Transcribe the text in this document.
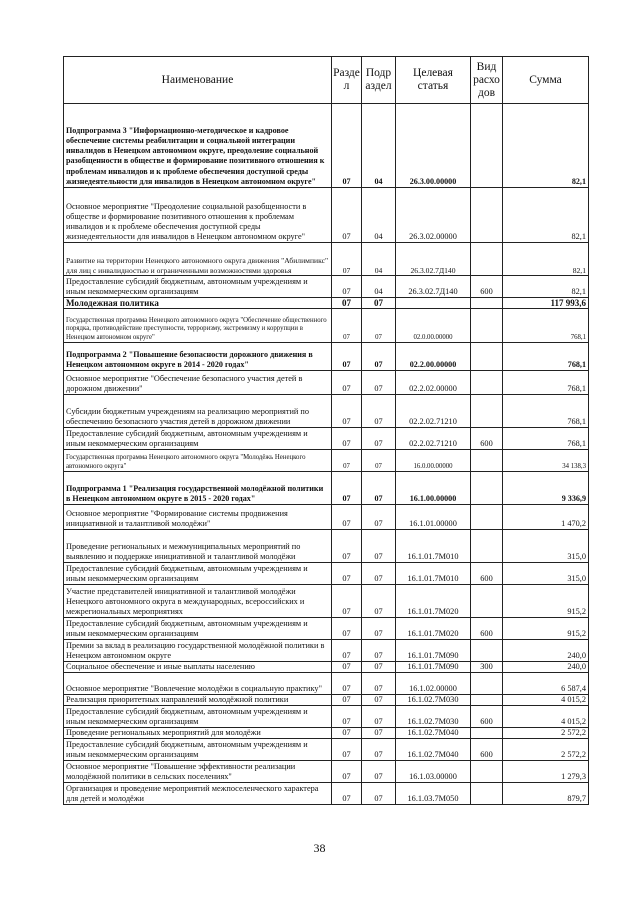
Наименование	Разде л	Подр аздел	Целевая статья	Вид расхо дов	Сумма
Подпрограмма 3 "Информационно-методическое и кадровое обеспечение системы реабилитации и социальной интеграции инвалидов в Ненецком автономном округе, преодоление социальной разобщенности в обществе и формирование позитивного отношения к проблемам инвалидов и к проблеме обеспечения доступной среды жизнедеятельности для инвалидов в Ненецком автономном округе"	07	04	26.3.00.00000		82,1
Основное мероприятие "Преодоление социальной разобщенности в обществе и формирование позитивного отношения к проблемам инвалидов и к проблеме обеспечения доступной среды жизнедеятельности для инвалидов в Ненецком автономном округе"	07	04	26.3.02.00000		82,1
Развитие на территории Ненецкого автономного округа движения "Абилимпикс" для лиц с инвалидностью и ограниченными возможностями здоровья	07	04	26.3.02.7Д140		82,1
Предоставление субсидий бюджетным, автономным учреждениям и иным некоммерческим организациям	07	04	26.3.02.7Д140	600	82,1
Молодежная политика	07	07			117 993,6
Государственная программа Ненецкого автономного округа "Обеспечение общественного порядка, противодействие преступности, терроризму, экстремизму и коррупции в Ненецком автономном округе"	07	07	02.0.00.00000		768,1
Подпрограмма 2 "Повышение безопасности дорожного движения в Ненецком автономном округе в 2014 - 2020 годах"	07	07	02.2.00.00000		768,1
Основное мероприятие "Обеспечение безопасного участия детей в дорожном движении"	07	07	02.2.02.00000		768,1
Субсидии бюджетным учреждениям на реализацию мероприятий по обеспечению безопасного участия детей в дорожном движении	07	07	02.2.02.71210		768,1
Предоставление субсидий бюджетным, автономным учреждениям и иным некоммерческим организациям	07	07	02.2.02.71210	600	768,1
Государственная программа Ненецкого автономного округа "Молодёжь Ненецкого автономного округа"	07	07	16.0.00.00000		34 138,3
Подпрограмма 1 "Реализация государственной молодёжной политики в Ненецком автономном округе в 2015 - 2020 годах"	07	07	16.1.00.00000		9 336,9
Основное мероприятие "Формирование системы продвижения инициативной и талантливой молодёжи"	07	07	16.1.01.00000		1 470,2
Проведение региональных и межмуниципальных мероприятий по выявлению и поддержке инициативной и талантливой молодёжи	07	07	16.1.01.7М010		315,0
Предоставление субсидий бюджетным, автономным учреждениям и иным некоммерческим организациям	07	07	16.1.01.7М010	600	315,0
Участие представителей инициативной и талантливой молодёжи Ненецкого автономного округа в международных, всероссийских и межрегиональных мероприятиях	07	07	16.1.01.7М020		915,2
Предоставление субсидий бюджетным, автономным учреждениям и иным некоммерческим организациям	07	07	16.1.01.7М020	600	915,2
Премии за вклад в реализацию государственной молодёжной политики в Ненецком автономном округе	07	07	16.1.01.7М090		240,0
Социальное обеспечение и иные выплаты населению	07	07	16.1.01.7М090	300	240,0
Основное мероприятие "Вовлечение молодёжи в социальную практику"	07	07	16.1.02.00000		6 587,4
Реализация приоритетных направлений молодёжной политики	07	07	16.1.02.7М030		4 015,2
Предоставление субсидий бюджетным, автономным учреждениям и иным некоммерческим организациям	07	07	16.1.02.7М030	600	4 015,2
Проведение региональных мероприятий для молодёжи	07	07	16.1.02.7М040		2 572,2
Предоставление субсидий бюджетным, автономным учреждениям и иным некоммерческим организациям	07	07	16.1.02.7М040	600	2 572,2
Основное мероприятие "Повышение эффективности реализации молодёжной политики в сельских поселениях"	07	07	16.1.03.00000		1 279,3
Организация и проведение мероприятий межпоселенческого характера для детей и молодёжи	07	07	16.1.03.7М050		879,7
38
